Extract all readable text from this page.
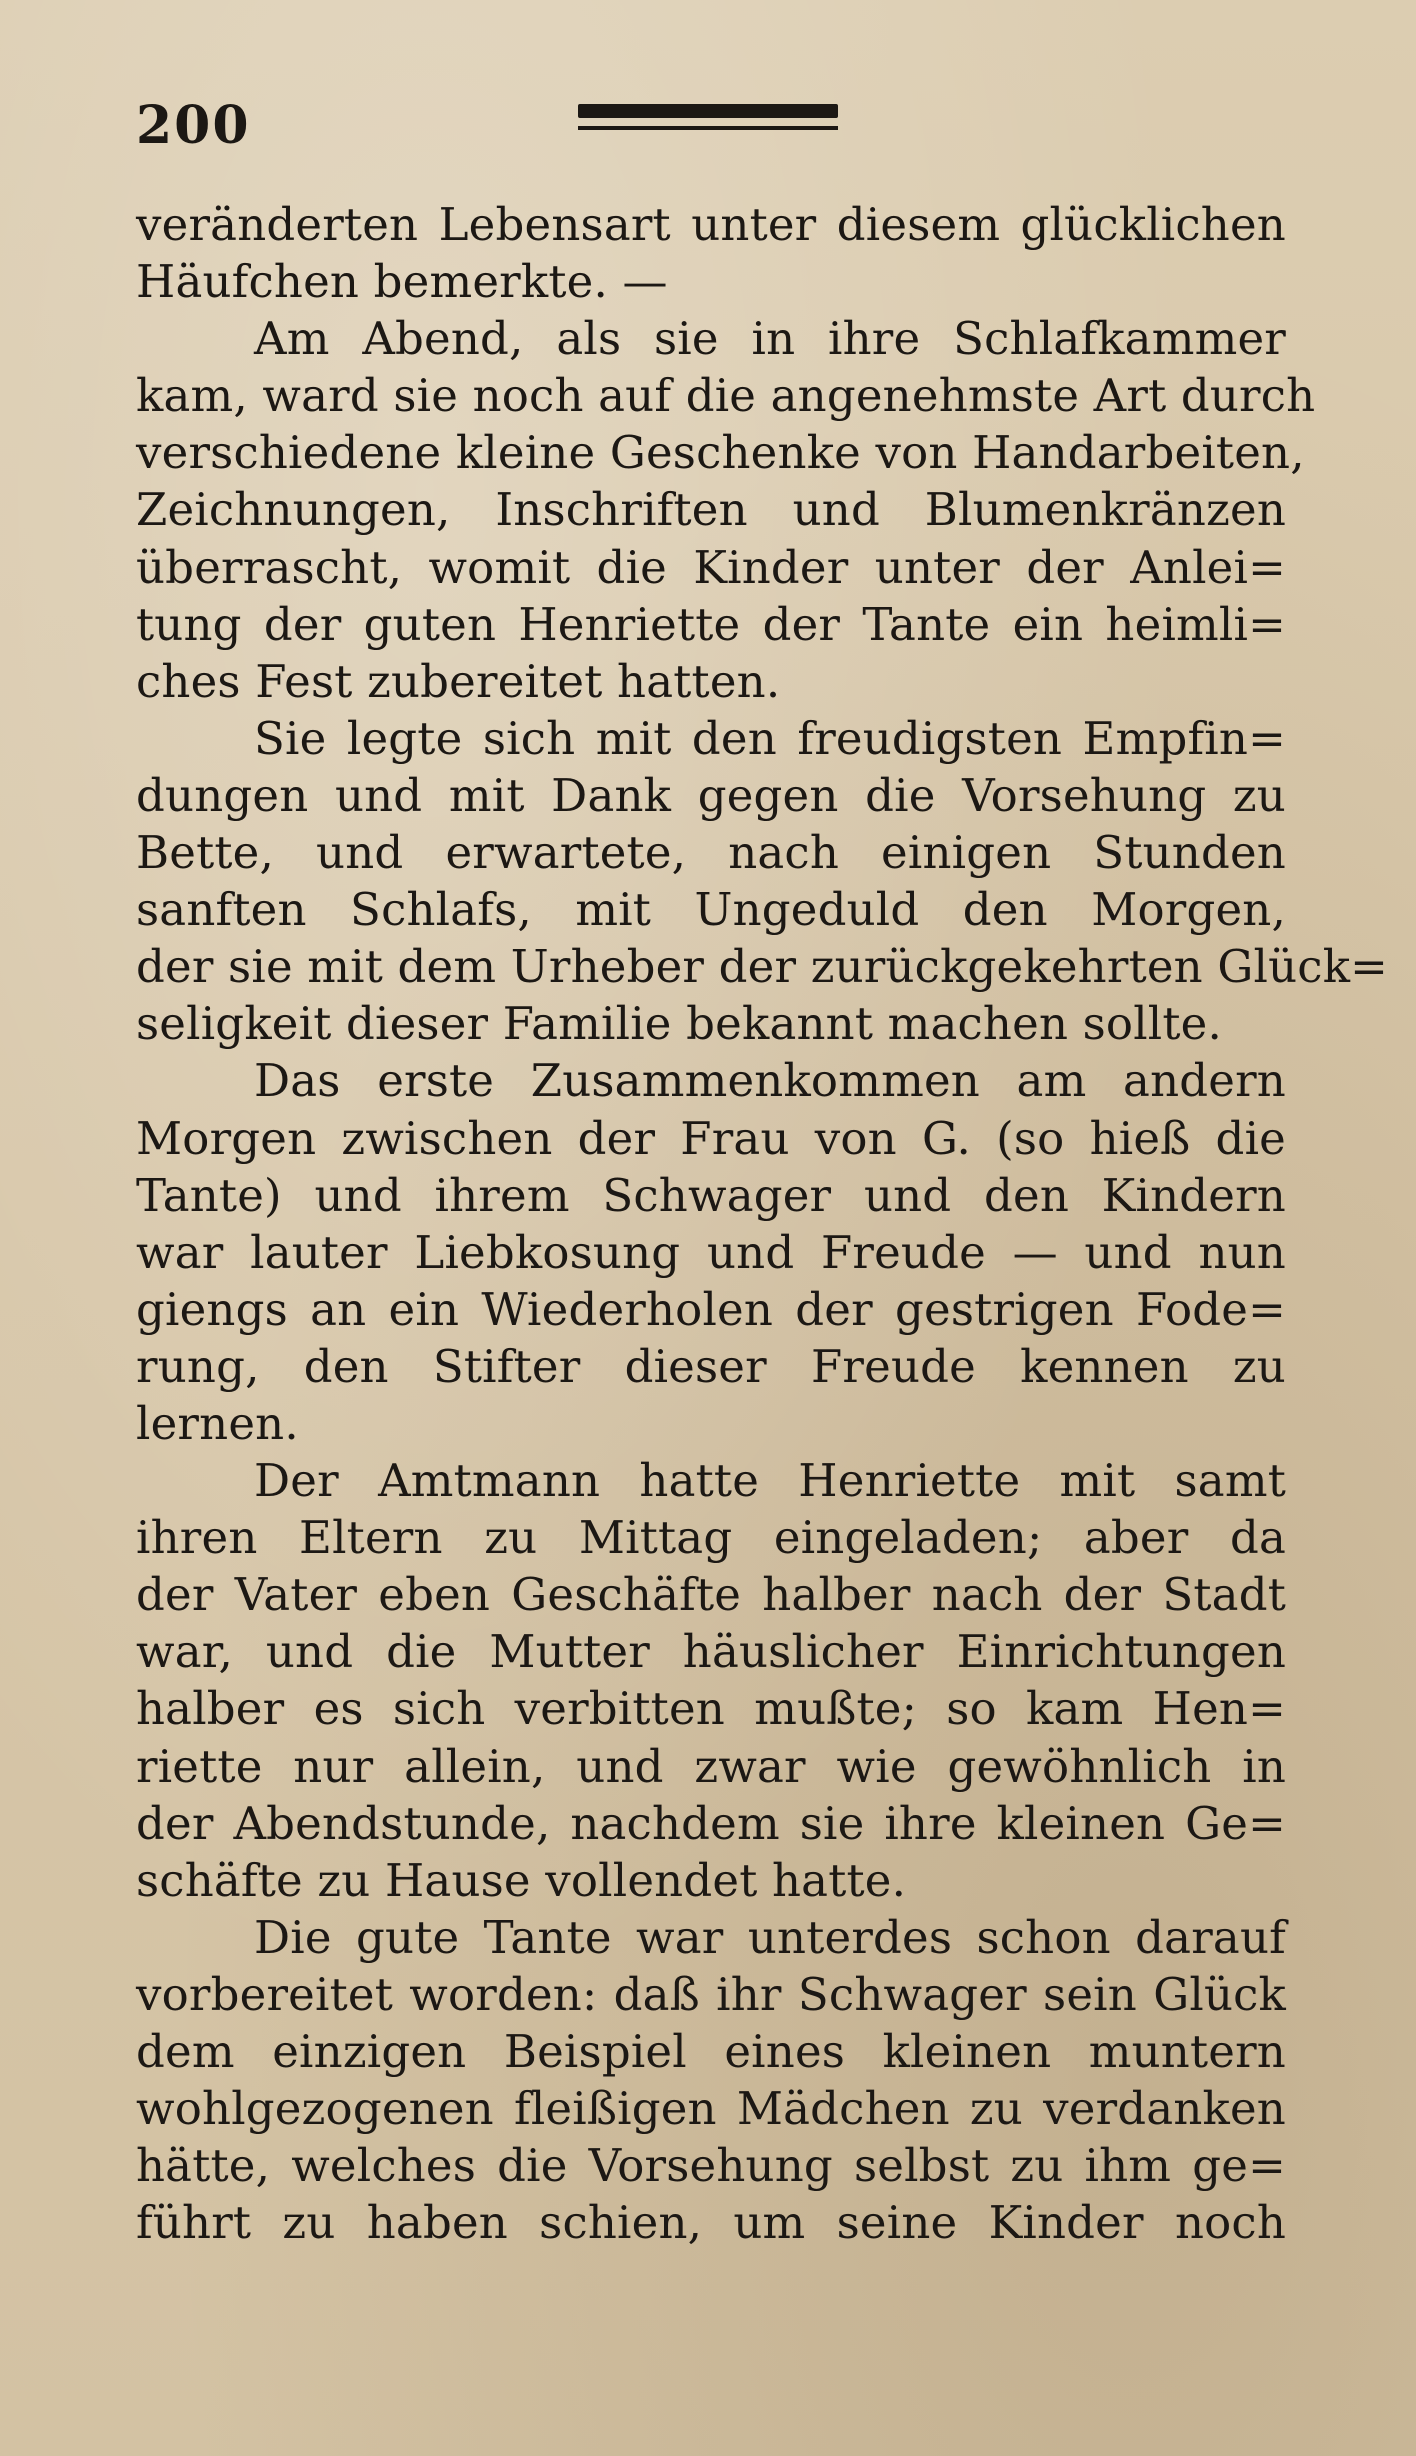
200
veränderten Lebensart unter diesem glücklichen
Häufchen bemerkte. —
Am Abend, als sie in ihre Schlafkammer
kam, ward sie noch auf die angenehmste Art durch
verschiedene kleine Geschenke von Handarbeiten,
Zeichnungen, Inschriften und Blumenkränzen
überrascht, womit die Kinder unter der Anlei=
tung der guten Henriette der Tante ein heimli=
ches Fest zubereitet hatten.
Sie legte sich mit den freudigsten Empfin=
dungen und mit Dank gegen die Vorsehung zu
Bette, und erwartete, nach einigen Stunden
sanften Schlafs, mit Ungeduld den Morgen,
der sie mit dem Urheber der zurückgekehrten Glück=
seligkeit dieser Familie bekannt machen sollte.
Das erste Zusammenkommen am andern
Morgen zwischen der Frau von G. (so hieß die
Tante) und ihrem Schwager und den Kindern
war lauter Liebkosung und Freude — und nun
giengs an ein Wiederholen der gestrigen Fode=
rung, den Stifter dieser Freude kennen zu
lernen.
Der Amtmann hatte Henriette mit samt
ihren Eltern zu Mittag eingeladen; aber da
der Vater eben Geschäfte halber nach der Stadt
war, und die Mutter häuslicher Einrichtungen
halber es sich verbitten mußte; so kam Hen=
riette nur allein, und zwar wie gewöhnlich in
der Abendstunde, nachdem sie ihre kleinen Ge=
schäfte zu Hause vollendet hatte.
Die gute Tante war unterdes schon darauf
vorbereitet worden: daß ihr Schwager sein Glück
dem einzigen Beispiel eines kleinen muntern
wohlgezogenen fleißigen Mädchen zu verdanken
hätte, welches die Vorsehung selbst zu ihm ge=
führt zu haben schien, um seine Kinder noch
